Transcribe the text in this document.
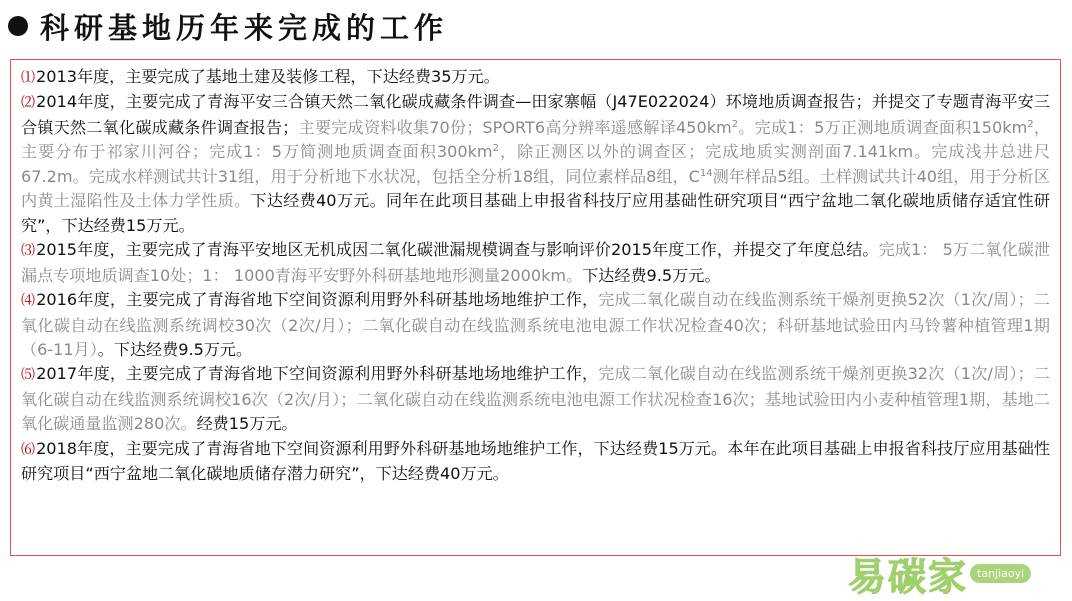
科研基地历年来完成的工作
⑴2013年度，主要完成了基地土建及装修工程，下达经费35万元。
⑵2014年度，主要完成了青海平安三合镇天然二氧化碳成藏条件调查—田家寨幅（J47E022024）环境地质调查报告；并提交了专题青海平安三合镇天然二氧化碳成藏条件调查报告；主要完成资料收集70份；SPORT6高分辨率遥感解译$450km^2$。完成1：5万正测地质调查面积$150km^2$，主要分布于祁家川河谷；完成1：5万简测地质调查面积$300km^2$，除正测区以外的调查区；完成地质实测剖面7.141km。完成浅井总进尺67.2m。完成水样测试共计31组，用于分析地下水状况，包括全分析18组，同位素样品8组，$C^{14}$测年样品5组。土样测试共计40组，用于分析区内黄土湿陷性及土体力学性质。下达经费40万元。同年在此项目基础上申报省科技厅应用基础性研究项目“西宁盆地二氧化碳地质储存适宜性研究”，下达经费15万元。
⑶2015年度，主要完成了青海平安地区无机成因二氧化碳泄漏规模调查与影响评价2015年度工作，并提交了年度总结。完成1： 5万二氧化碳泄漏点专项地质调查10处；1： 1000青海平安野外科研基地地形测量2000km。下达经费9.5万元。
⑷2016年度，主要完成了青海省地下空间资源利用野外科研基地场地维护工作，完成二氧化碳自动在线监测系统干燥剂更换52次（1次/周）；二氧化碳自动在线监测系统调校30次（2次/月）；二氧化碳自动在线监测系统电池电源工作状况检查40次；科研基地试验田内马铃薯种植管理1期（6-11月）。下达经费9.5万元。
⑸2017年度，主要完成了青海省地下空间资源利用野外科研基地场地维护工作，完成二氧化碳自动在线监测系统干燥剂更换32次（1次/周）；二氧化碳自动在线监测系统调校16次（2次/月）；二氧化碳自动在线监测系统电池电源工作状况检查16次；基地试验田内小麦种植管理1期，基地二氧化碳通量监测280次。经费15万元。
⑹2018年度，主要完成了青海省地下空间资源利用野外科研基地场地维护工作，下达经费15万元。本年在此项目基础上申报省科技厅应用基础性研究项目“西宁盆地二氧化碳地质储存潜力研究”，下达经费40万元。
易碳家 tanjiaoyi
